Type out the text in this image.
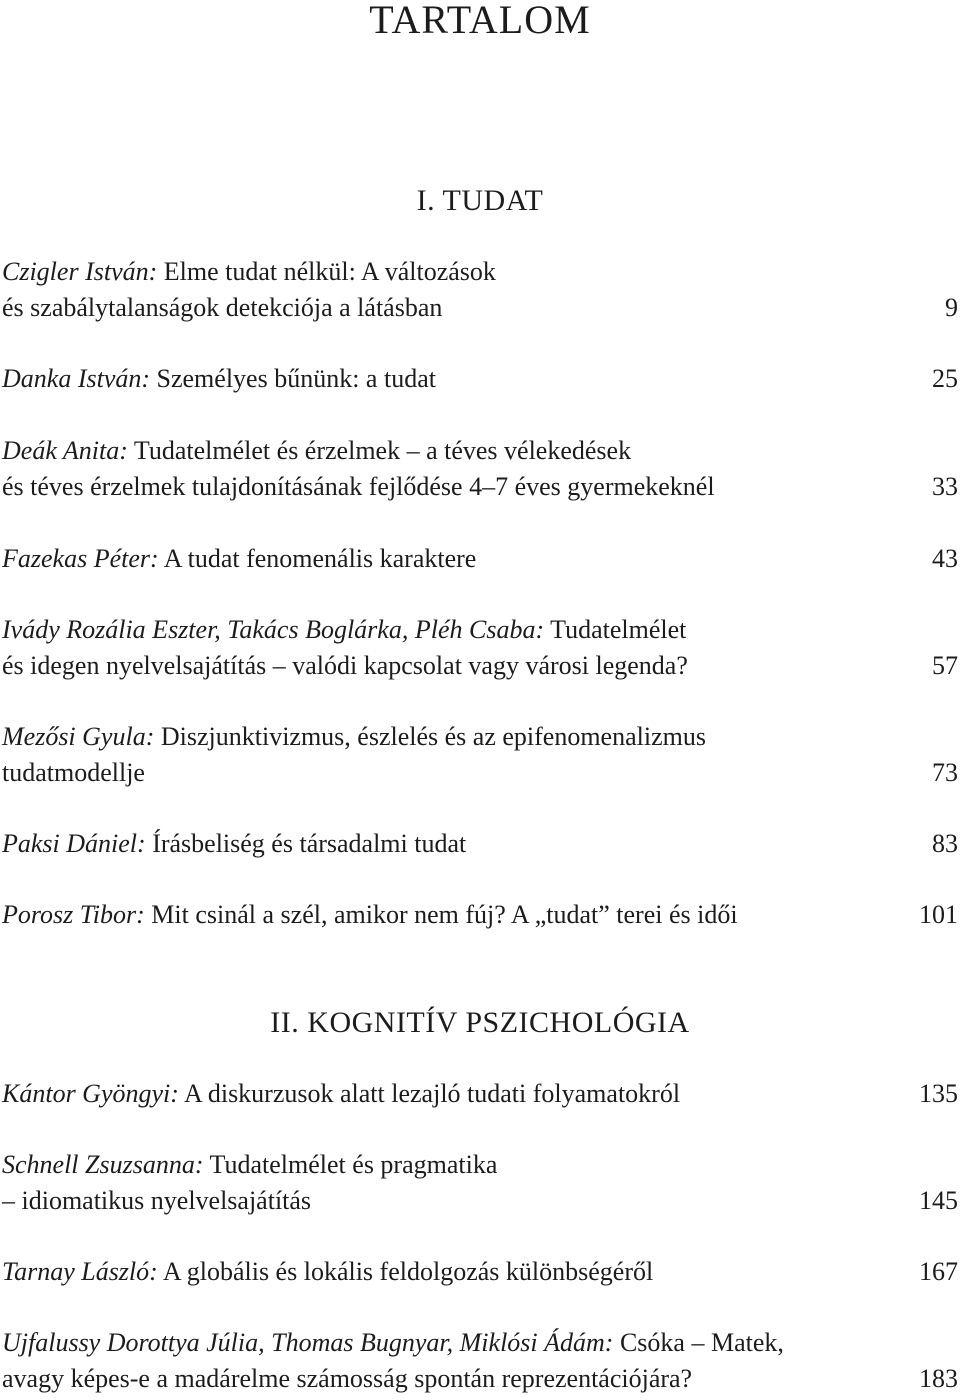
TARTALOM
I. TUDAT
Czigler István: Elme tudat nélkül: A változások
és szabálytalanságok detekciója a látásban	9
Danka István: Személyes bűnünk: a tudat	25
Deák Anita: Tudatelmélet és érzelmek – a téves vélekedések
és téves érzelmek tulajdonításának fejlődése 4–7 éves gyermekeknél	33
Fazekas Péter: A tudat fenomenális karaktere	43
Ivády Rozália Eszter, Takács Boglárka, Pléh Csaba: Tudatelmélet
és idegen nyelvelsajátítás – valódi kapcsolat vagy városi legenda?	57
Mezősi Gyula: Diszjunktivizmus, észlelés és az epifenomenalizmus
tudatmodellje	73
Paksi Dániel: Írásbeliség és társadalmi tudat	83
Porosz Tibor: Mit csinál a szél, amikor nem fúj? A „tudat” terei és idői	101
II. KOGNITÍV PSZICHOLÓGIA
Kántor Gyöngyi: A diskurzusok alatt lezajló tudati folyamatokról	135
Schnell Zsuzsanna: Tudatelmélet és pragmatika
– idiomatikus nyelvelsajátítás	145
Tarnay László: A globális és lokális feldolgozás különbségéről	167
Ujfalussy Dorottya Júlia, Thomas Bugnyar, Miklósi Ádám: Csóka – Matek,
avagy képes-e a madárelme számosság spontán reprezentációjára?	183
